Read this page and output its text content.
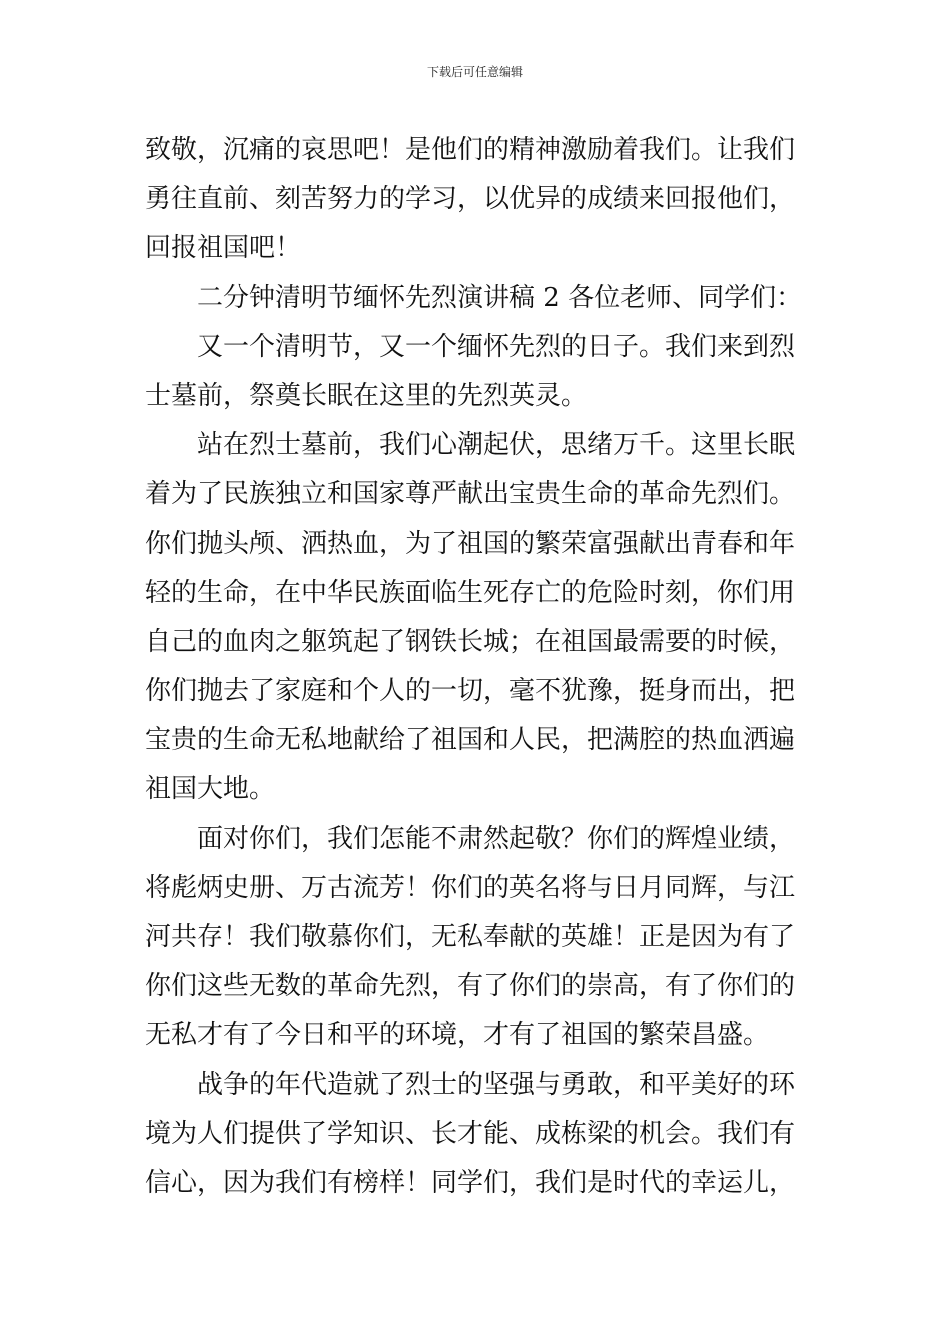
下载后可任意编辑
致敬，沉痛的哀思吧！是他们的精神激励着我们。让我们
勇往直前、刻苦努力的学习，以优异的成绩来回报他们，
回报祖国吧！
二分钟清明节缅怀先烈演讲稿 2 各位老师、同学们：
又一个清明节，又一个缅怀先烈的日子。我们来到烈
士墓前，祭奠长眠在这里的先烈英灵。
站在烈士墓前，我们心潮起伏，思绪万千。这里长眠
着为了民族独立和国家尊严献出宝贵生命的革命先烈们。
你们抛头颅、洒热血，为了祖国的繁荣富强献出青春和年
轻的生命，在中华民族面临生死存亡的危险时刻，你们用
自己的血肉之躯筑起了钢铁长城；在祖国最需要的时候，
你们抛去了家庭和个人的一切，毫不犹豫，挺身而出，把
宝贵的生命无私地献给了祖国和人民，把满腔的热血洒遍
祖国大地。
面对你们，我们怎能不肃然起敬？你们的辉煌业绩，
将彪炳史册、万古流芳！你们的英名将与日月同辉，与江
河共存！我们敬慕你们，无私奉献的英雄！正是因为有了
你们这些无数的革命先烈，有了你们的崇高，有了你们的
无私才有了今日和平的环境，才有了祖国的繁荣昌盛。
战争的年代造就了烈士的坚强与勇敢，和平美好的环
境为人们提供了学知识、长才能、成栋梁的机会。我们有
信心，因为我们有榜样！同学们，我们是时代的幸运儿，
